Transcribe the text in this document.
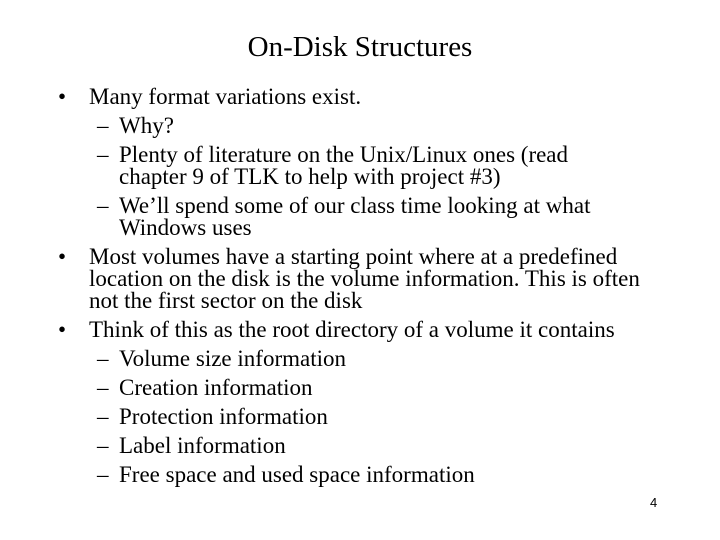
On-Disk Structures
• Many format variations exist.
– Why?
– Plenty of literature on the Unix/Linux ones (read chapter 9 of TLK to help with project #3)
– We’ll spend some of our class time looking at what Windows uses
• Most volumes have a starting point where at a predefined location on the disk is the volume information. This is often not the first sector on the disk
• Think of this as the root directory of a volume it contains
– Volume size information
– Creation information
– Protection information
– Label information
– Free space and used space information
4
